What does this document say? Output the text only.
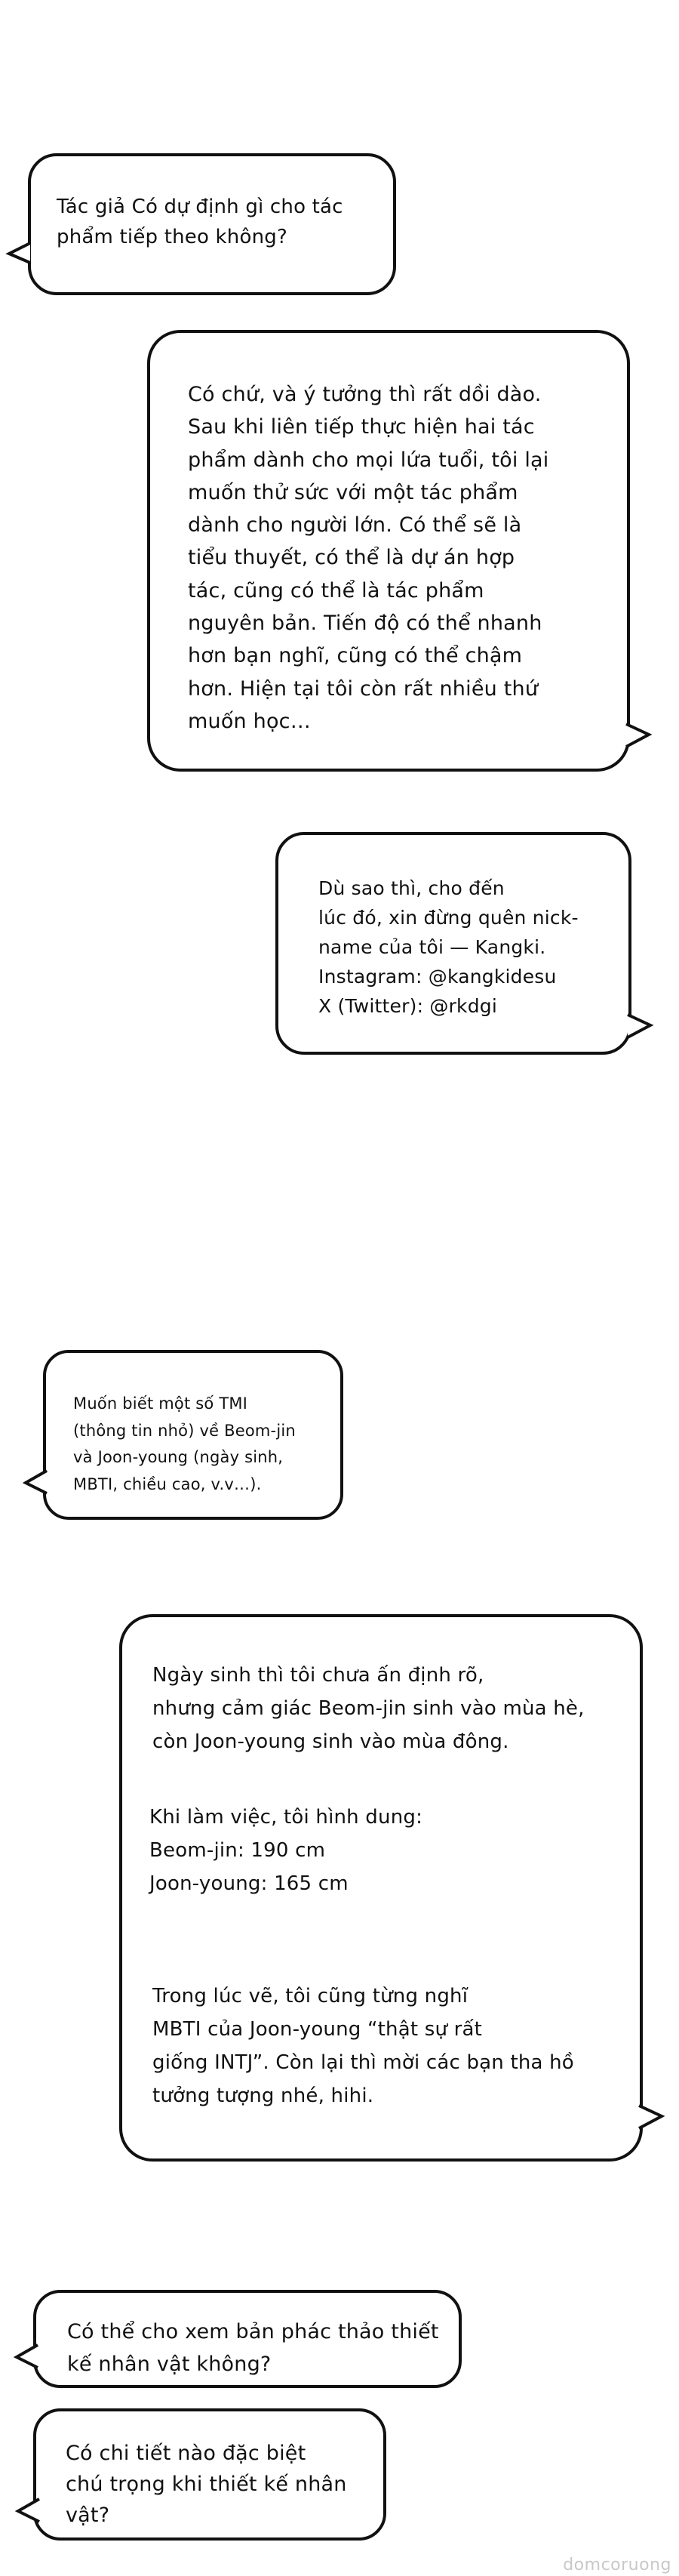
Tác giả Có dự định gì cho tác
phẩm tiếp theo không?
Có chứ, và ý tưởng thì rất dồi dào.
Sau khi liên tiếp thực hiện hai tác
phẩm dành cho mọi lứa tuổi, tôi lại
muốn thử sức với một tác phẩm
dành cho người lớn. Có thể sẽ là
tiểu thuyết, có thể là dự án hợp
tác, cũng có thể là tác phẩm
nguyên bản. Tiến độ có thể nhanh
hơn bạn nghĩ, cũng có thể chậm
hơn. Hiện tại tôi còn rất nhiều thứ
muốn học…
Dù sao thì, cho đến
lúc đó, xin đừng quên nick-
name của tôi — Kangki.
Instagram: @kangkidesu
X (Twitter): @rkdgi
Muốn biết một số TMI
(thông tin nhỏ) về Beom-jin
và Joon-young (ngày sinh,
MBTI, chiều cao, v.v…).
Ngày sinh thì tôi chưa ấn định rõ,
nhưng cảm giác Beom-jin sinh vào mùa hè,
còn Joon-young sinh vào mùa đông.
Khi làm việc, tôi hình dung:
Beom-jin: 190 cm
Joon-young: 165 cm
Trong lúc vẽ, tôi cũng từng nghĩ
MBTI của Joon-young “thật sự rất
giống INTJ”. Còn lại thì mời các bạn tha hồ
tưởng tượng nhé, hihi.
Có thể cho xem bản phác thảo thiết
kế nhân vật không?
Có chi tiết nào đặc biệt
chú trọng khi thiết kế nhân
vật?
domcoruong
